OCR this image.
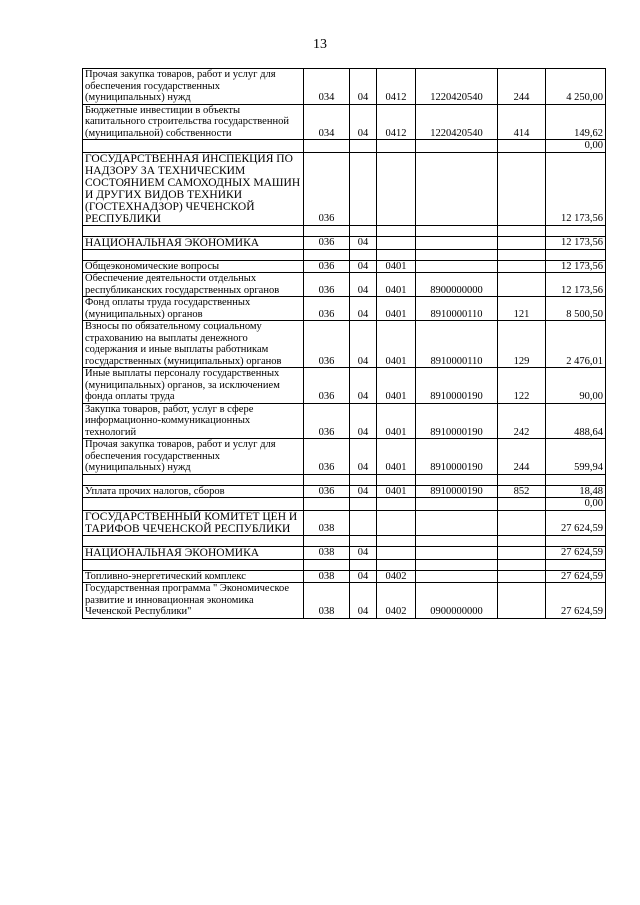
13
Прочая закупка товаров, работ и услуг для обеспечения государственных (муниципальных) нужд	034	04	0412	1220420540	244	4 250,00
Бюджетные инвестиции в объекты капитального строительства государственной (муниципальной) собственности	034	04	0412	1220420540	414	149,62
						0,00
ГОСУДАРСТВЕННАЯ ИНСПЕКЦИЯ ПО НАДЗОРУ ЗА ТЕХНИЧЕСКИМ СОСТОЯНИЕМ САМОХОДНЫХ МАШИН И ДРУГИХ ВИДОВ ТЕХНИКИ (ГОСТЕХНАДЗОР) ЧЕЧЕНСКОЙ РЕСПУБЛИКИ	036					12 173,56

НАЦИОНАЛЬНАЯ ЭКОНОМИКА	036	04				12 173,56

Общеэкономические вопросы	036	04	0401			12 173,56
Обеспечение деятельности отдельных республиканских государственных органов	036	04	0401	8900000000		12 173,56
Фонд оплаты труда государственных (муниципальных) органов	036	04	0401	8910000110	121	8 500,50
Взносы по обязательному социальному страхованию на выплаты денежного содержания и иные выплаты работникам государственных (муниципальных) органов	036	04	0401	8910000110	129	2 476,01
Иные выплаты персоналу государственных (муниципальных) органов, за исключением фонда оплаты труда	036	04	0401	8910000190	122	90,00
Закупка товаров, работ, услуг в сфере информационно-коммуникационных технологий	036	04	0401	8910000190	242	488,64
Прочая закупка товаров, работ и услуг для обеспечения государственных (муниципальных) нужд	036	04	0401	8910000190	244	599,94

Уплата прочих налогов, сборов	036	04	0401	8910000190	852	18,48
						0,00
ГОСУДАРСТВЕННЫЙ КОМИТЕТ ЦЕН И ТАРИФОВ ЧЕЧЕНСКОЙ РЕСПУБЛИКИ	038					27 624,59

НАЦИОНАЛЬНАЯ ЭКОНОМИКА	038	04				27 624,59

Топливно-энергетический комплекс	038	04	0402			27 624,59
Государственная программа " Экономическое развитие и инновационная экономика Чеченской Республики"	038	04	0402	0900000000		27 624,59
